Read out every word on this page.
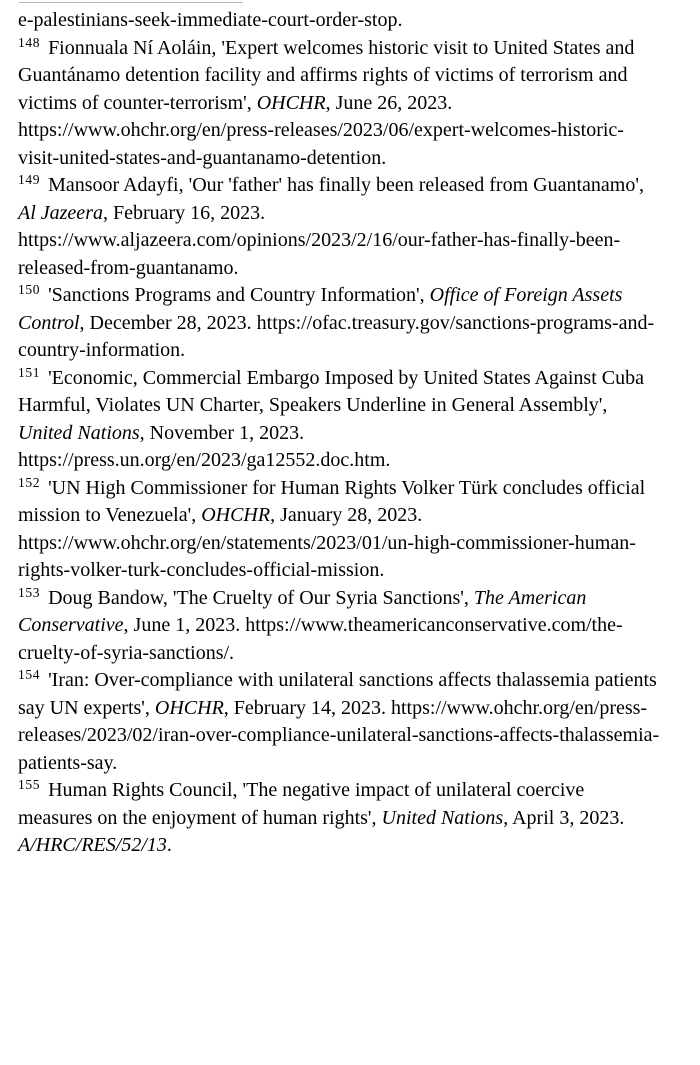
e-palestinians-seek-immediate-court-order-stop.

$^{148}$ Fionnuala Ní Aoláin, 'Expert welcomes historic visit to United States and Guantánamo detention facility and affirms rights of victims of terrorism and victims of counter-terrorism', OHCHR, June 26, 2023. https://www.ohchr.org/en/press-releases/2023/06/expert-welcomes-historic-visit-united-states-and-guantanamo-detention.

$^{149}$ Mansoor Adayfi, 'Our 'father' has finally been released from Guantanamo', Al Jazeera, February 16, 2023. https://www.aljazeera.com/opinions/2023/2/16/our-father-has-finally-been-released-from-guantanamo.

$^{150}$ 'Sanctions Programs and Country Information', Office of Foreign Assets Control, December 28, 2023. https://ofac.treasury.gov/sanctions-programs-and-country-information.

$^{151}$ 'Economic, Commercial Embargo Imposed by United States Against Cuba Harmful, Violates UN Charter, Speakers Underline in General Assembly', United Nations, November 1, 2023. https://press.un.org/en/2023/ga12552.doc.htm.

$^{152}$ 'UN High Commissioner for Human Rights Volker Türk concludes official mission to Venezuela', OHCHR, January 28, 2023. https://www.ohchr.org/en/statements/2023/01/un-high-commissioner-human-rights-volker-turk-concludes-official-mission.

$^{153}$ Doug Bandow, 'The Cruelty of Our Syria Sanctions', The American Conservative, June 1, 2023. https://www.theamericanconservative.com/the-cruelty-of-syria-sanctions/.

$^{154}$ 'Iran: Over-compliance with unilateral sanctions affects thalassemia patients say UN experts', OHCHR, February 14, 2023. https://www.ohchr.org/en/press-releases/2023/02/iran-over-compliance-unilateral-sanctions-affects-thalassemia-patients-say.

$^{155}$ Human Rights Council, 'The negative impact of unilateral coercive measures on the enjoyment of human rights', United Nations, April 3, 2023. A/HRC/RES/52/13.
